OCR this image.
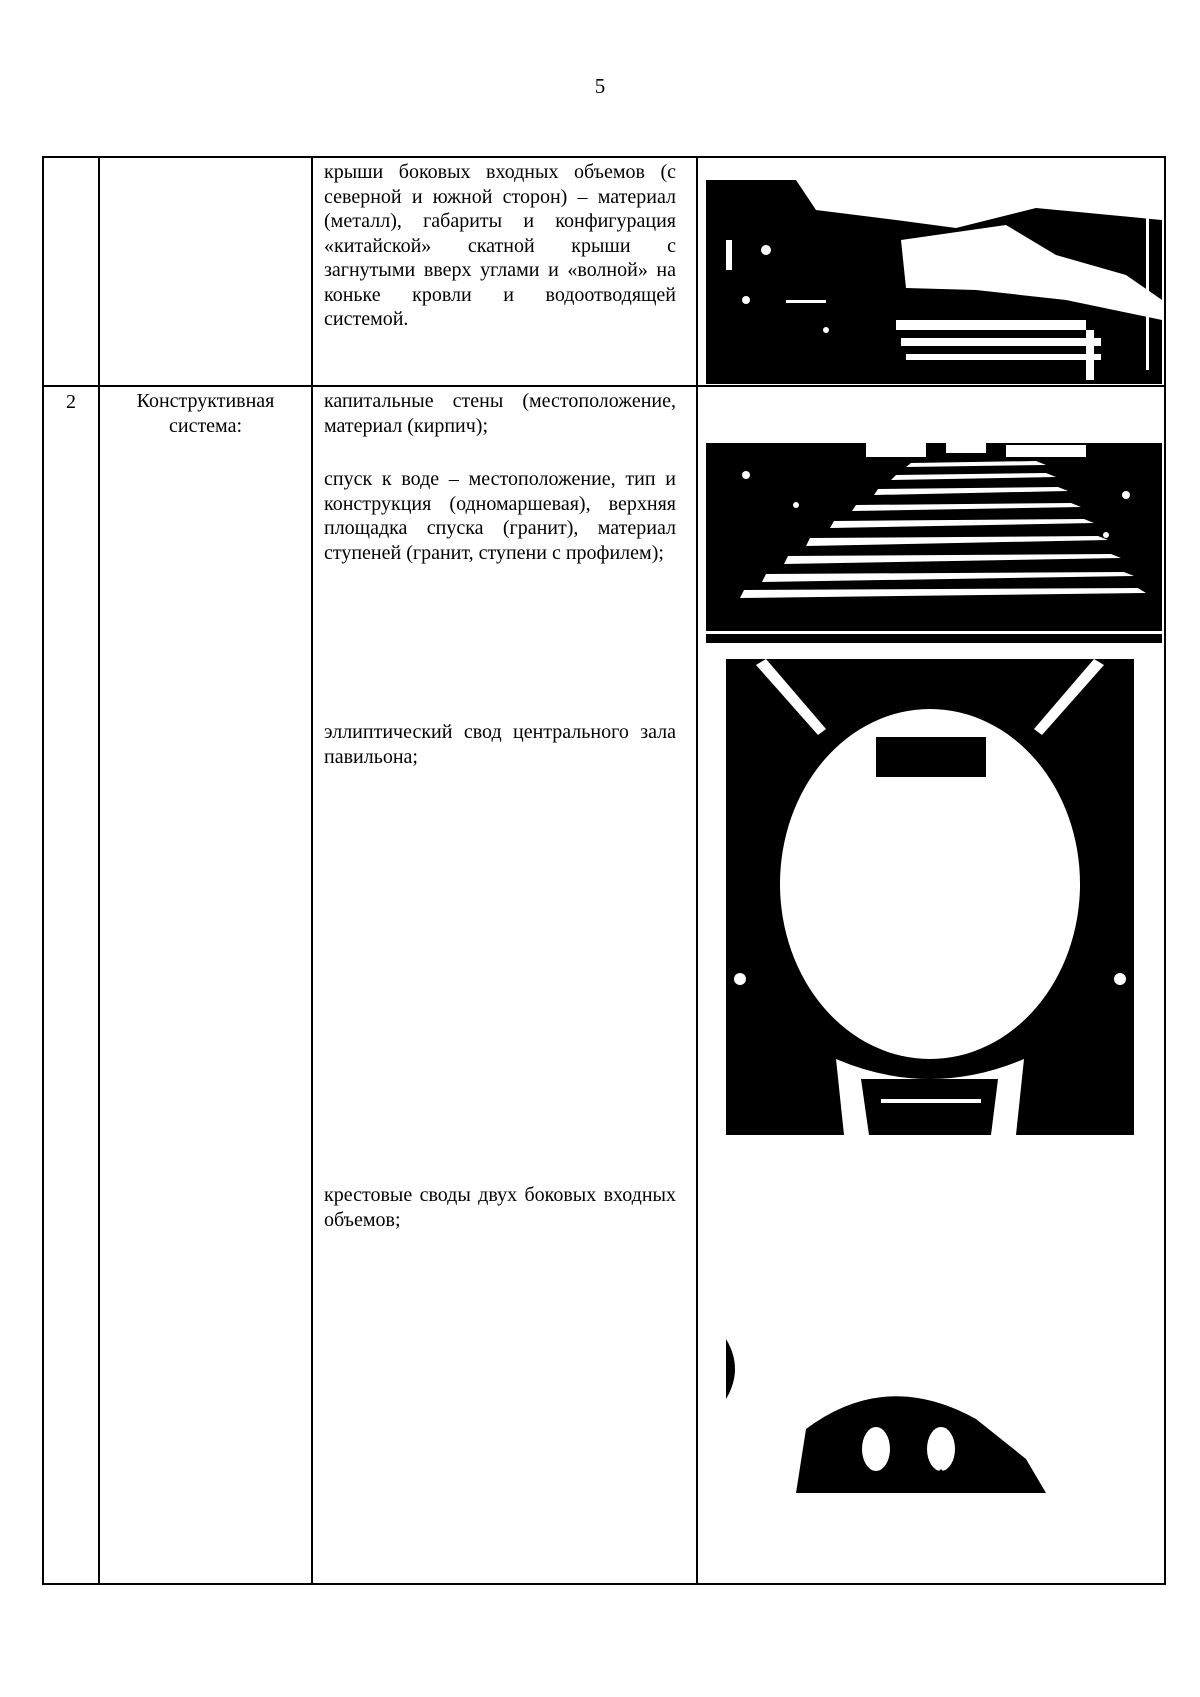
5

		крыши боковых входных объемов (с северной и южной сторон) – материал (металл), габариты и конфигурация «китайской» скатной крыши с загнутыми вверх углами и «волной» на коньке кровли и водоотводящей системой.

2	Конструктивная система:	капитальные стены (местоположение, материал (кирпич);
спуск к воде – местоположение, тип и конструкция (одномаршевая), верхняя площадка спуска (гранит), материал ступеней (гранит, ступени с профилем);
эллиптический свод центрального зала павильона;
крестовые своды двух боковых входных объемов;
